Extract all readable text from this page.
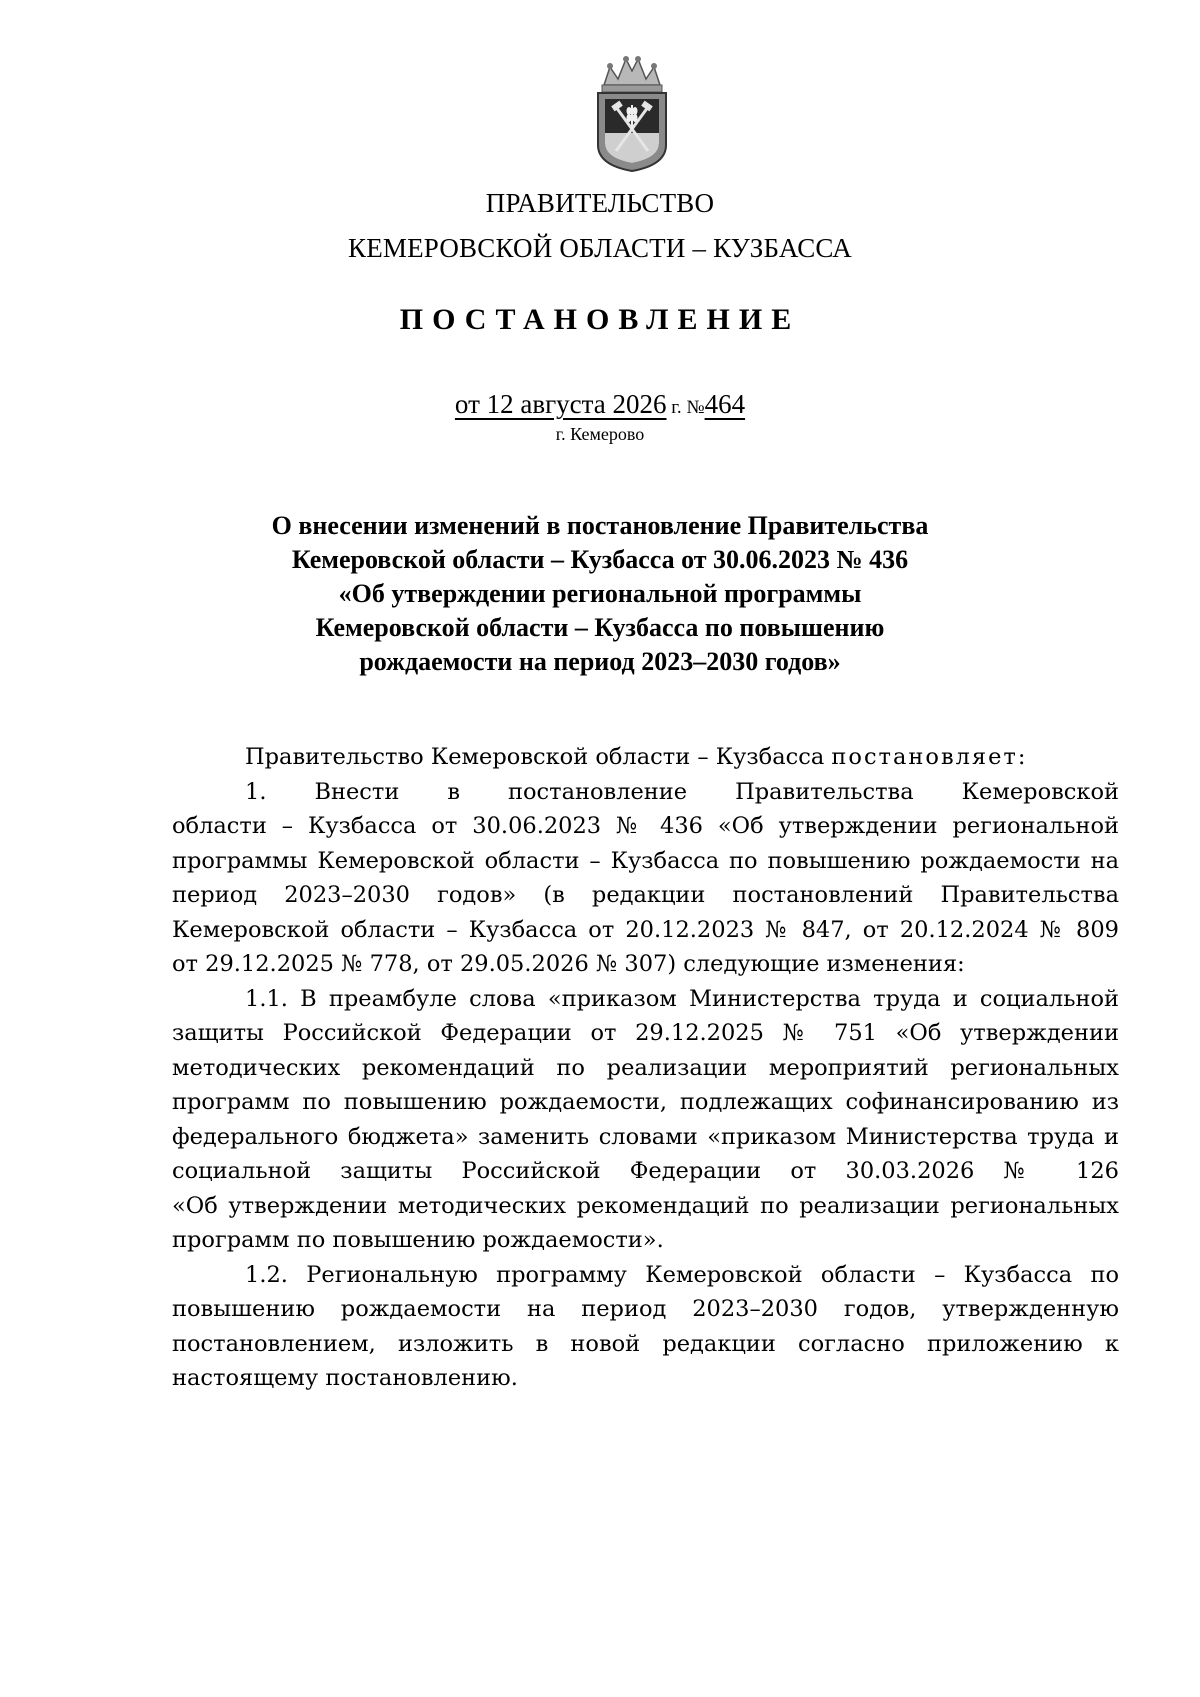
ПРАВИТЕЛЬСТВО
КЕМЕРОВСКОЙ ОБЛАСТИ – КУЗБАССА
ПОСТАНОВЛЕНИЕ
от 12 августа 2026 г. №464
г. Кемерово
О внесении изменений в постановление Правительства
Кемеровской области – Кузбасса от 30.06.2023 № 436
«Об утверждении региональной программы
Кемеровской области – Кузбасса по повышению
рождаемости на период 2023–2030 годов»

Правительство Кемеровской области – Кузбасса постановляет:

1. Внести в постановление Правительства Кемеровской
области – Кузбасса от 30.06.2023 № 436 «Об утверждении региональной
программы Кемеровской области – Кузбасса по повышению рождаемости на
период 2023–2030 годов» (в редакции постановлений Правительства
Кемеровской области – Кузбасса от 20.12.2023 № 847, от 20.12.2024 № 809
от 29.12.2025 № 778, от 29.05.2026 № 307) следующие изменения:
1.1. В преамбуле слова «приказом Министерства труда и социальной
защиты Российской Федерации от 29.12.2025 № 751 «Об утверждении
методических рекомендаций по реализации мероприятий региональных
программ по повышению рождаемости, подлежащих софинансированию из
федерального бюджета» заменить словами «приказом Министерства труда и
социальной защиты Российской Федерации от 30.03.2026 № 126
«Об утверждении методических рекомендаций по реализации региональных
программ по повышению рождаемости».
1.2. Региональную программу Кемеровской области – Кузбасса по
повышению рождаемости на период 2023–2030 годов, утвержденную
постановлением, изложить в новой редакции согласно приложению к
настоящему постановлению.
